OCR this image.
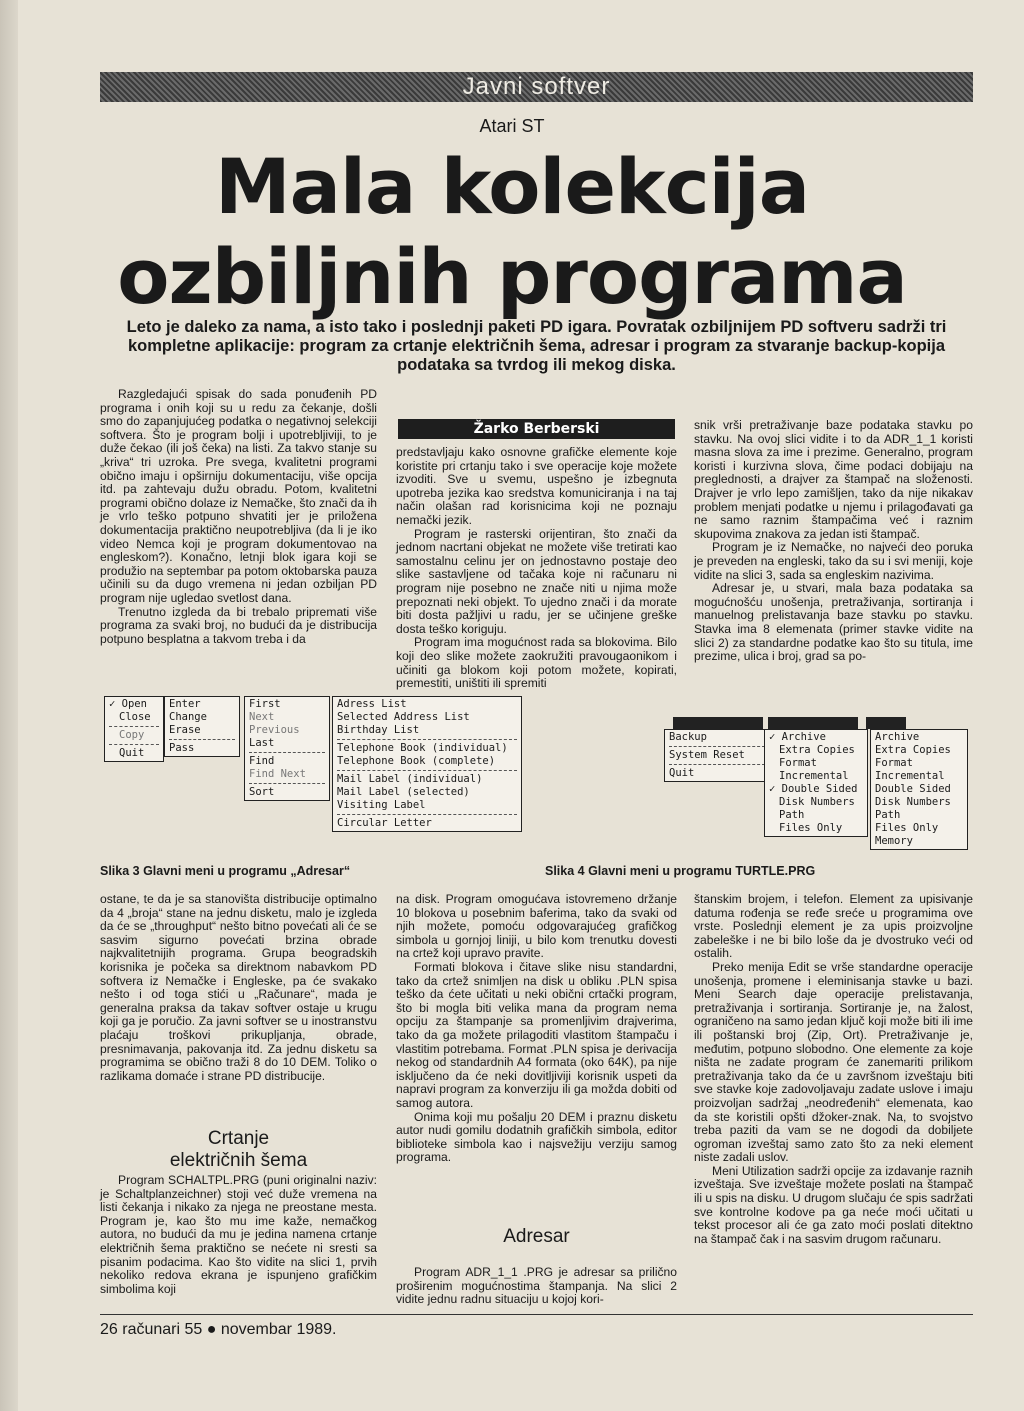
Javni softver
Atari ST
Mala kolekcija
ozbiljnih programa
Leto je daleko za nama, a isto tako i poslednji paketi PD igara. Povratak ozbiljnijem PD softveru sadrži tri kompletne aplikacije: program za crtanje električnih šema, adresar i program za stvaranje backup-kopija podataka sa tvrdog ili mekog diska.

Razgledajući spisak do sada ponuđenih PD programa i onih koji su u redu za čekanje, došli smo do zapanjujućeg podatka o negativnoj selekciji softvera. Što je program bolji i upotrebljiviji, to je duže čekao (ili još čeka) na listi. Za takvo stanje su „kriva“ tri uzroka. Pre svega, kvalitetni programi obično imaju i opširniju dokumentaciju, više opcija itd. pa zahtevaju dužu obradu. Potom, kvalitetni programi obično dolaze iz Nemačke, što znači da ih je vrlo teško potpuno shvatiti jer je priložena dokumentacija praktično neupotrebljiva (da li je iko video Nemca koji je program dokumentovao na engleskom?). Konačno, letnji blok igara koji se produžio na septembar pa potom oktobarska pauza učinili su da dugo vremena ni jedan ozbiljan PD program nije ugledao svetlost dana.

Trenutno izgleda da bi trebalo pripremati više programa za svaki broj, no budući da je distribucija potpuno besplatna a takvom treba i da

Žarko Berberski

predstavljaju kako osnovne grafičke elemente koje koristite pri crtanju tako i sve operacije koje možete izvoditi. Sve u svemu, uspešno je izbegnuta upotreba jezika kao sredstva komuniciranja i na taj način olašan rad korisnicima koji ne poznaju nemački jezik.

Program je rasterski orijentiran, što znači da jednom nacrtani objekat ne možete više tretirati kao samostalnu celinu jer on jednostavno postaje deo slike sastavljene od tačaka koje ni računaru ni program nije posebno ne znače niti u njima može prepoznati neki objekt. To ujedno znači i da morate biti dosta pažljivi u radu, jer se učinjene greške dosta teško koriguju.

Program ima mogućnost rada sa blokovima. Bilo koji deo slike možete zaokružiti pravougaonikom i učiniti ga blokom koji potom možete, kopirati, premestiti, uništiti ili spremiti

snik vrši pretraživanje baze podataka stavku po stavku. Na ovoj slici vidite i to da ADR_1_1 koristi masna slova za ime i prezime. Generalno, program koristi i kurzivna slova, čime podaci dobijaju na preglednosti, a drajver za štampač na složenosti. Drajver je vrlo lepo zamišljen, tako da nije nikakav problem menjati podatke u njemu i prilagođavati ga ne samo raznim štampačima već i raznim skupovima znakova za jedan isti štampač.

Program je iz Nemačke, no najveći deo poruka je preveden na engleski, tako da su i svi meniji, koje vidite na slici 3, sada sa engleskim nazivima.

Adresar je, u stvari, mala baza podataka sa mogućnošću unošenja, pretraživanja, sortiranja i manuelnog prelistavanja baze stavku po stavku. Stavka ima 8 elemenata (primer stavke vidite na slici 2) za standardne podatke kao što su titula, ime prezime, ulica i broj, grad sa po-

✓ Open
Close
Copy
Quit
Enter
Change
Erase
Pass
First
Next
Previous
Last
Find
Find Next
Sort
Adress List
Selected Address List
Birthday List
Telephone Book (individual)
Telephone Book (complete)
Mail Label (individual)
Mail Label (selected)
Visiting Label
Circular Letter
Slika 3 Glavni meni u programu „Adresar“
Backup
System Reset
Quit
✓ Archive
Extra Copies
Format
Incremental
✓ Double Sided
Disk Numbers
Path
Files Only
Archive
Extra Copies
Format
Incremental
Double Sided
Disk Numbers
Path
Files Only
Memory
Slika 4 Glavni meni u programu TURTLE.PRG

ostane, te da je sa stanovišta distribucije optimalno da 4 „broja“ stane na jednu disketu, malo je izgleda da će se „throughput“ nešto bitno povećati ali će se sasvim sigurno povećati brzina obrade najkvalitetnijih programa. Grupa beogradskih korisnika je počeka sa direktnom nabavkom PD softvera iz Nemačke i Engleske, pa će svakako nešto i od toga stići u „Računare“, mada je generalna praksa da takav softver ostaje u krugu koji ga je poručio. Za javni softver se u inostranstvu plaćaju troškovi prikupljanja, obrade, presnimavanja, pakovanja itd. Za jednu disketu sa programima se obično traži 8 do 10 DEM. Toliko o razlikama domaće i strane PD distribucije.

Crtanje
električnih šema

Program SCHALTPL.PRG (puni originalni naziv: je Schaltplanzeichner) stoji već duže vremena na listi čekanja i nikako za njega ne preostane mesta. Program je, kao što mu ime kaže, nemačkog autora, no budući da mu je jedina namena crtanje električnih šema praktično se nećete ni sresti sa pisanim podacima. Kao što vidite na slici 1, prvih nekoliko redova ekrana je ispunjeno grafičkim simbolima koji

na disk. Program omogućava istovremeno držanje 10 blokova u posebnim baferima, tako da svaki od njih možete, pomoću odgovarajućeg grafičkog simbola u gornjoj liniji, u bilo kom trenutku dovesti na crtež koji upravo pravite.

Formati blokova i čitave slike nisu standardni, tako da crtež snimljen na disk u obliku .PLN spisa teško da ćete učitati u neki obični crtački program, što bi mogla biti velika mana da program nema opciju za štampanje sa promenljivim drajverima, tako da ga možete prilagoditi vlastitom štampaču i vlastitim potrebama. Format .PLN spisa je derivacija nekog od standardnih A4 formata (oko 64K), pa nije isključeno da će neki dovitljiviji korisnik uspeti da napravi program za konverziju ili ga možda dobiti od samog autora.

Onima koji mu pošalju 20 DEM i praznu disketu autor nudi gomilu dodatnih grafičkih simbola, editor biblioteke simbola kao i najsvežiju verziju samog programa.

Adresar

Program ADR_1_1 .PRG je adresar sa prilično proširenim mogućnostima štampanja. Na slici 2 vidite jednu radnu situaciju u kojoj kori-

štanskim brojem, i telefon. Element za upisivanje datuma rođenja se ređe sreće u programima ove vrste. Poslednji element je za upis proizvoljne zabeleške i ne bi bilo loše da je dvostruko veći od ostalih.

Preko menija Edit se vrše standardne operacije unošenja, promene i eleminisanja stavke u bazi. Meni Search daje operacije prelistavanja, pretraživanja i sortiranja. Sortiranje je, na žalost, ograničeno na samo jedan ključ koji može biti ili ime ili poštanski broj (Zip, Ort). Pretraživanje je, međutim, potpuno slobodno. One elemente za koje ništa ne zadate program će zanemariti prilikom pretraživanja tako da će u završnom izveštaju biti sve stavke koje zadovoljavaju zadate uslove i imaju proizvoljan sadržaj „neodređenih“ elemenata, kao da ste koristili opšti džoker-znak. Na, to svojstvo treba paziti da vam se ne dogodi da dobiljete ogroman izveštaj samo zato što za neki element niste zadali uslov.

Meni Utilization sadrži opcije za izdavanje raznih izveštaja. Sve izveštaje možete poslati na štampač ili u spis na disku. U drugom slučaju će spis sadržati sve kontrolne kodove pa ga neće moći učitati u tekst procesor ali će ga zato moći poslati ditektno na štampač čak i na sasvim drugom računaru.

26 računari 55 ● novembar 1989.
